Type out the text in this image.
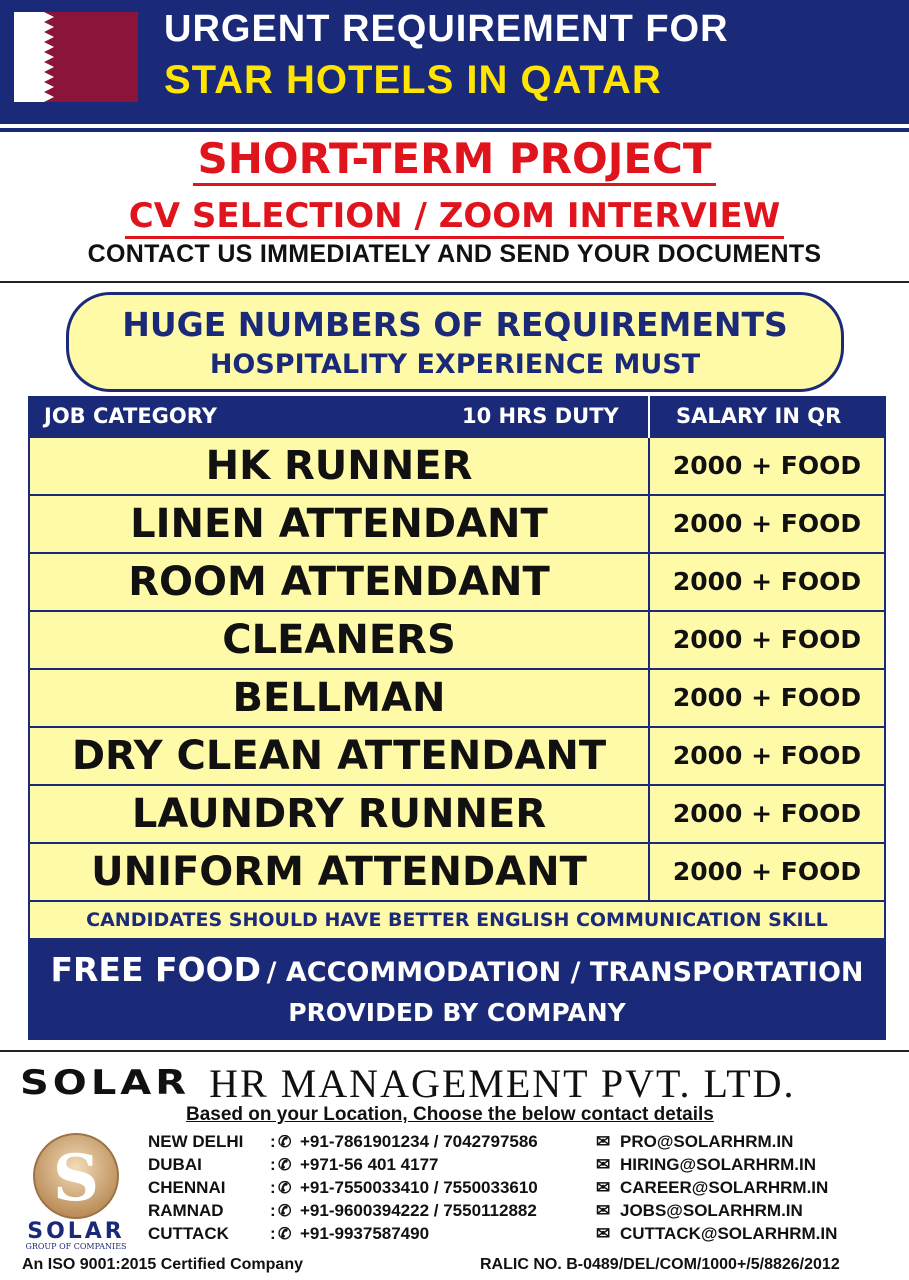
URGENT REQUIREMENT FOR
STAR HOTELS IN QATAR
SHORT-TERM PROJECT
CV SELECTION / ZOOM INTERVIEW
CONTACT US IMMEDIATELY AND SEND YOUR DOCUMENTS
HUGE NUMBERS OF REQUIREMENTS
HOSPITALITY EXPERIENCE MUST
JOB CATEGORY	10 HRS DUTY	SALARY IN QR
HK RUNNER	2000 + FOOD
LINEN ATTENDANT	2000 + FOOD
ROOM ATTENDANT	2000 + FOOD
CLEANERS	2000 + FOOD
BELLMAN	2000 + FOOD
DRY CLEAN ATTENDANT	2000 + FOOD
LAUNDRY RUNNER	2000 + FOOD
UNIFORM ATTENDANT	2000 + FOOD
CANDIDATES SHOULD HAVE BETTER ENGLISH COMMUNICATION SKILL
FREE FOOD / ACCOMMODATION / TRANSPORTATION
PROVIDED BY COMPANY
SOLAR HR MANAGEMENT PVT. LTD.
Based on your Location, Choose the below contact details
S
SOLAR
GROUP OF COMPANIES
NEW DELHI : ✆ +91-7861901234 / 7042797586	✉ PRO@SOLARHRM.IN
DUBAI	: ✆ +971-56 401 4177	✉ HIRING@SOLARHRM.IN
CHENNAI	: ✆ +91-7550033410 / 7550033610	✉ CAREER@SOLARHRM.IN
RAMNAD	: ✆ +91-9600394222 / 7550112882	✉ JOBS@SOLARHRM.IN
CUTTACK : ✆ +91-9937587490	✉ CUTTACK@SOLARHRM.IN
An ISO 9001:2015 Certified Company	RALIC NO. B-0489/DEL/COM/1000+/5/8826/2012
